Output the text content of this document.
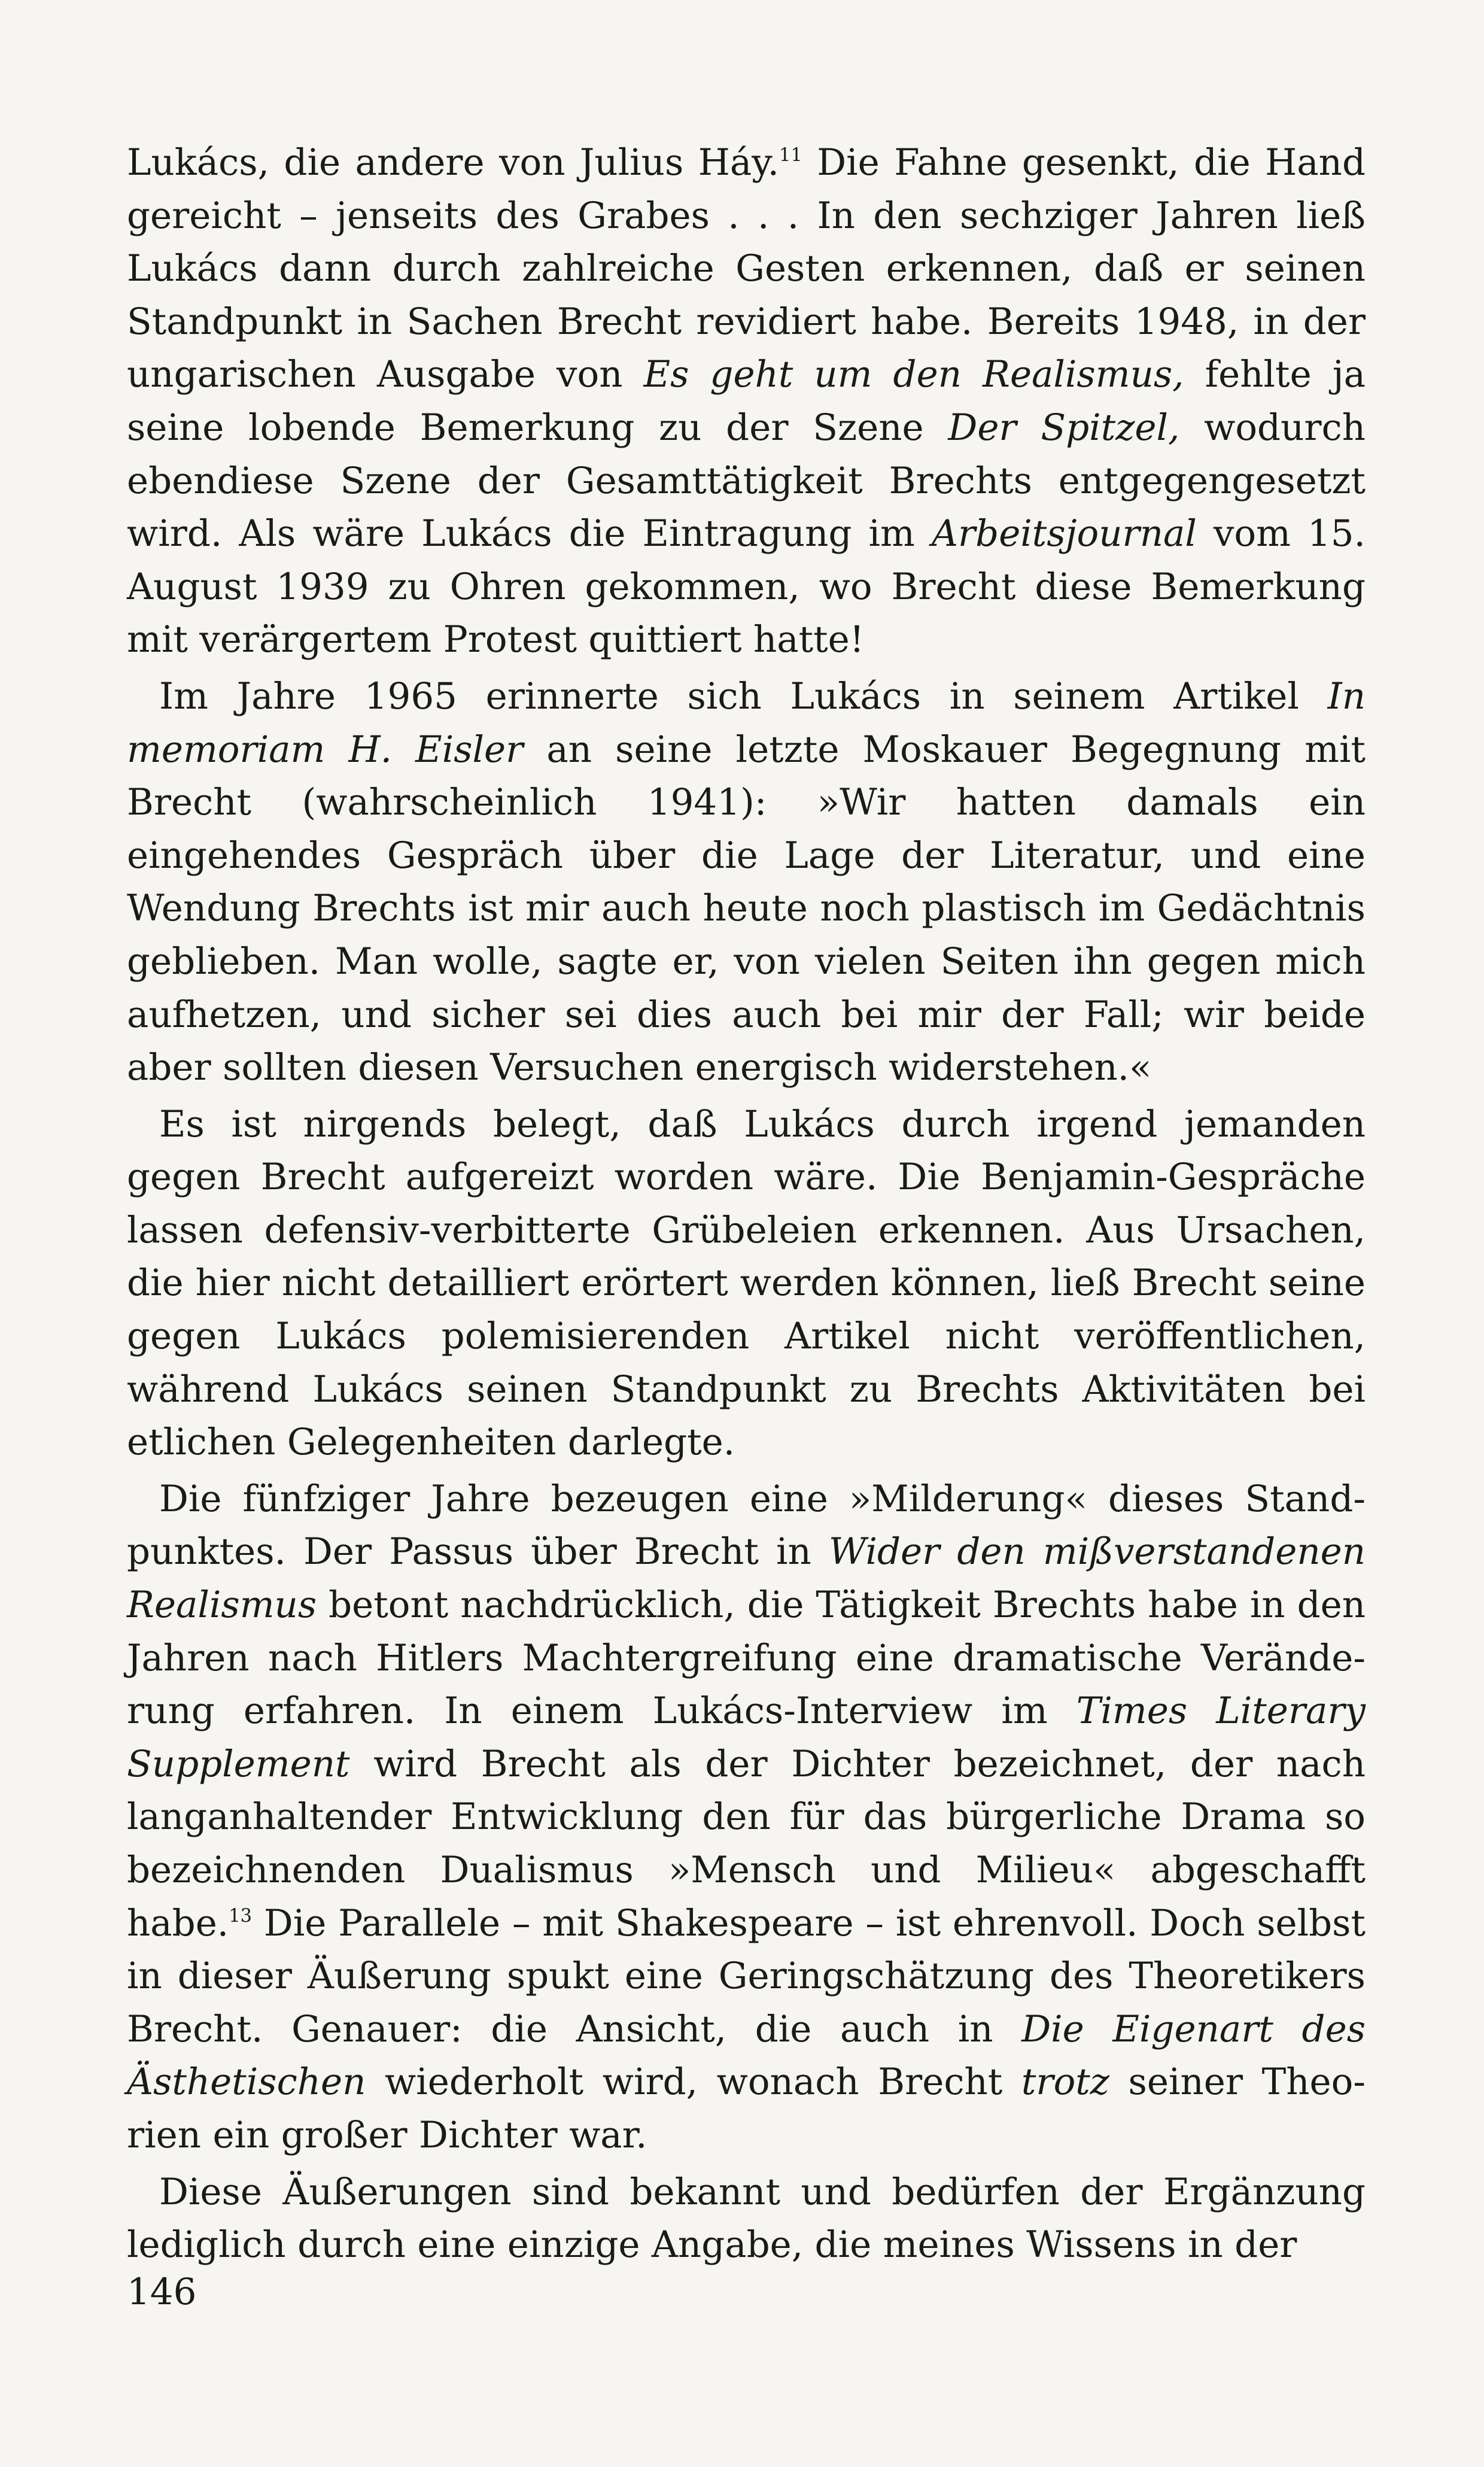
Lukács, die andere von Julius Háy.$^{11}$ Die Fahne gesenkt, die Hand gereicht – jenseits des Grabes . . . In den sechziger Jahren ließ Lukács dann durch zahlreiche Gesten erkennen, daß er seinen Standpunkt in Sachen Brecht revidiert habe. Bereits 1948, in der ungarischen Ausgabe von Es geht um den Realismus, fehlte ja seine lobende Bemerkung zu der Szene Der Spitzel, wodurch ebendiese Szene der Gesamttätigkeit Brechts entgegengesetzt wird. Als wäre Lukács die Eintragung im Arbeitsjournal vom 15. August 1939 zu Ohren gekommen, wo Brecht diese Bemerkung mit verärgertem Protest quittiert hatte!

Im Jahre 1965 erinnerte sich Lukács in seinem Artikel In memoriam H. Eisler an seine letzte Moskauer Begegnung mit Brecht (wahrscheinlich 1941): »Wir hatten damals ein eingehendes Gespräch über die Lage der Literatur, und eine Wendung Brechts ist mir auch heute noch plastisch im Gedächtnis geblieben. Man wolle, sagte er, von vielen Seiten ihn gegen mich aufhetzen, und sicher sei dies auch bei mir der Fall; wir beide aber sollten diesen Versuchen energisch widerstehen.«

Es ist nirgends belegt, daß Lukács durch irgend jemanden gegen Brecht aufgereizt worden wäre. Die Benjamin-Gespräche lassen defensiv-verbitterte Grübeleien erkennen. Aus Ursachen, die hier nicht detailliert erörtert werden können, ließ Brecht seine gegen Lukács polemisierenden Artikel nicht veröffentlichen, während Lukács seinen Standpunkt zu Brechts Aktivitäten bei etlichen Gelegenheiten darlegte.

Die fünfziger Jahre bezeugen eine »Milderung« dieses Standpunktes. Der Passus über Brecht in Wider den mißverstandenen Realismus betont nachdrücklich, die Tätigkeit Brechts habe in den Jahren nach Hitlers Machtergreifung eine dramatische Veränderung erfahren. In einem Lukács-Interview im Times Literary Supplement wird Brecht als der Dichter bezeichnet, der nach langanhaltender Entwicklung den für das bürgerliche Drama so bezeichnenden Dualismus »Mensch und Milieu« abgeschafft habe.$^{13}$ Die Parallele – mit Shakespeare – ist ehrenvoll. Doch selbst in dieser Äußerung spukt eine Geringschätzung des Theoretikers Brecht. Genauer: die Ansicht, die auch in Die Eigenart des Ästhetischen wiederholt wird, wonach Brecht trotz seiner Theorien ein großer Dichter war.

Diese Äußerungen sind bekannt und bedürfen der Ergänzung lediglich durch eine einzige Angabe, die meines Wissens in der

146
